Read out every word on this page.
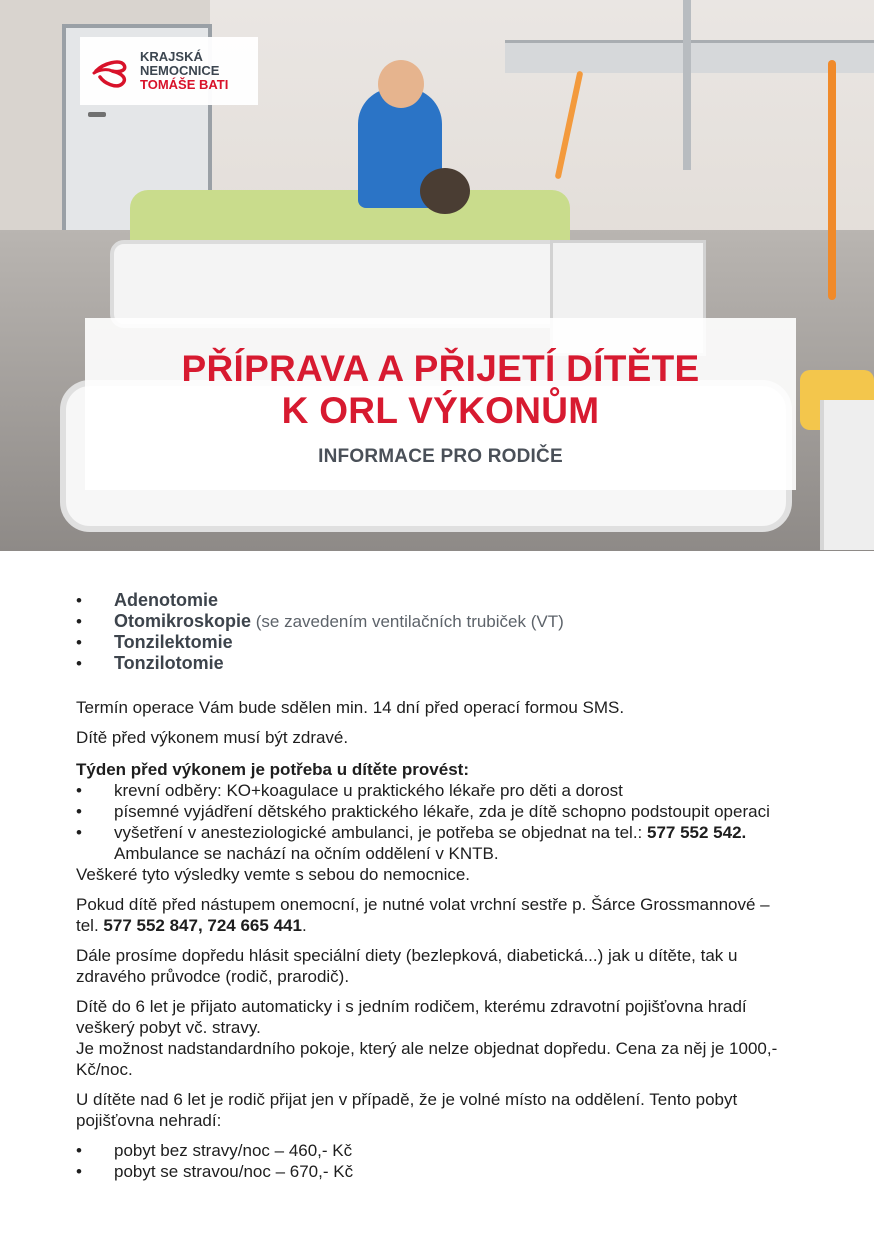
KRAJSKÁ
NEMOCNICE
TOMÁŠE BATI
PŘÍPRAVA A PŘIJETÍ DÍTĚTE
K ORL VÝKONŮM
INFORMACE PRO RODIČE
• Adenotomie
• Otomikroskopie (se zavedením ventilačních trubiček (VT)
• Tonzilektomie
• Tonzilotomie

Termín operace Vám bude sdělen min. 14 dní před operací formou SMS.

Dítě před výkonem musí být zdravé.

Týden před výkonem je potřeba u dítěte provést:

• krevní odběry: KO+koagulace u praktického lékaře pro děti a dorost
• písemné vyjádření dětského praktického lékaře, zda je dítě schopno podstoupit operaci
• vyšetření v anesteziologické ambulanci, je potřeba se objednat na tel.: 577 552 542. Ambulance se nachází na očním oddělení v KNTB.

Veškeré tyto výsledky vemte s sebou do nemocnice.

Pokud dítě před nástupem onemocní, je nutné volat vrchní sestře p. Šárce Grossmannové – tel. 577 552 847, 724 665 441.

Dále prosíme dopředu hlásit speciální diety (bezlepková, diabetická...) jak u dítěte, tak u zdravého průvodce (rodič, prarodič).

Dítě do 6 let je přijato automaticky i s jedním rodičem, kterému zdravotní pojišťovna hradí veškerý pobyt vč. stravy.

Je možnost nadstandardního pokoje, který ale nelze objednat dopředu. Cena za něj je 1000,- Kč/noc.

U dítěte nad 6 let je rodič přijat jen v případě, že je volné místo na oddělení. Tento pobyt pojišťovna nehradí:

• pobyt bez stravy/noc – 460,- Kč
• pobyt se stravou/noc – 670,- Kč
